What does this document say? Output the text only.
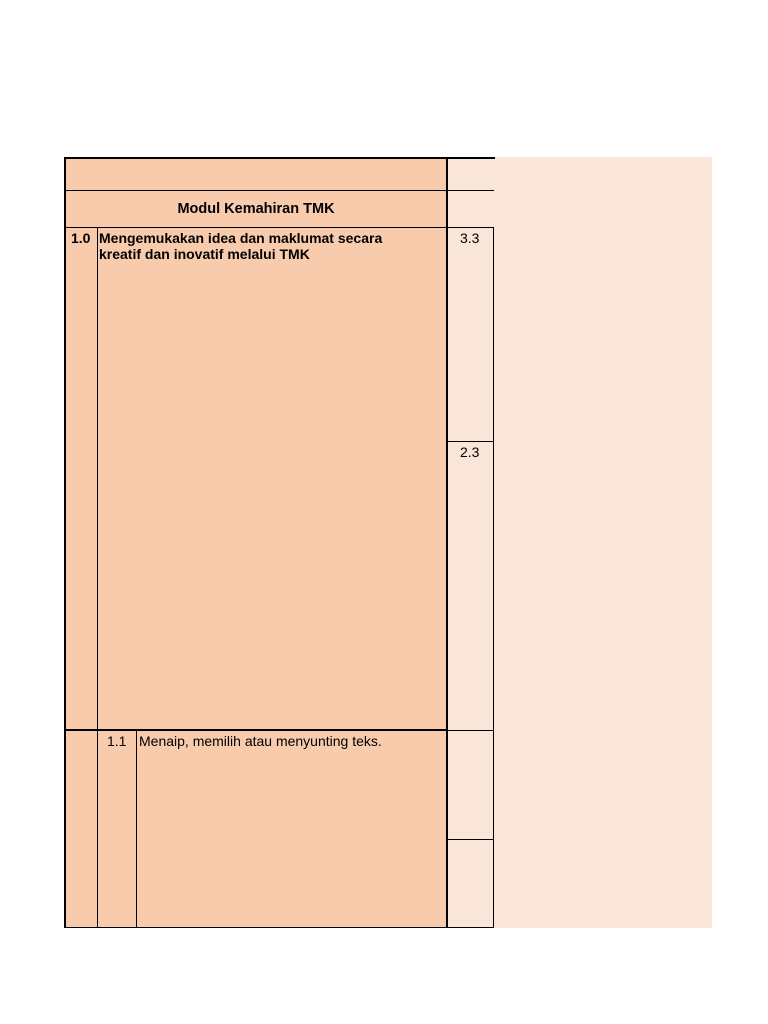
Modul Kemahiran TMK
1.0 Mengemukakan idea dan maklumat secara
kreatif dan inovatif melalui TMK
3.3
2.3
1.1 Menaip, memilih atau menyunting teks.
